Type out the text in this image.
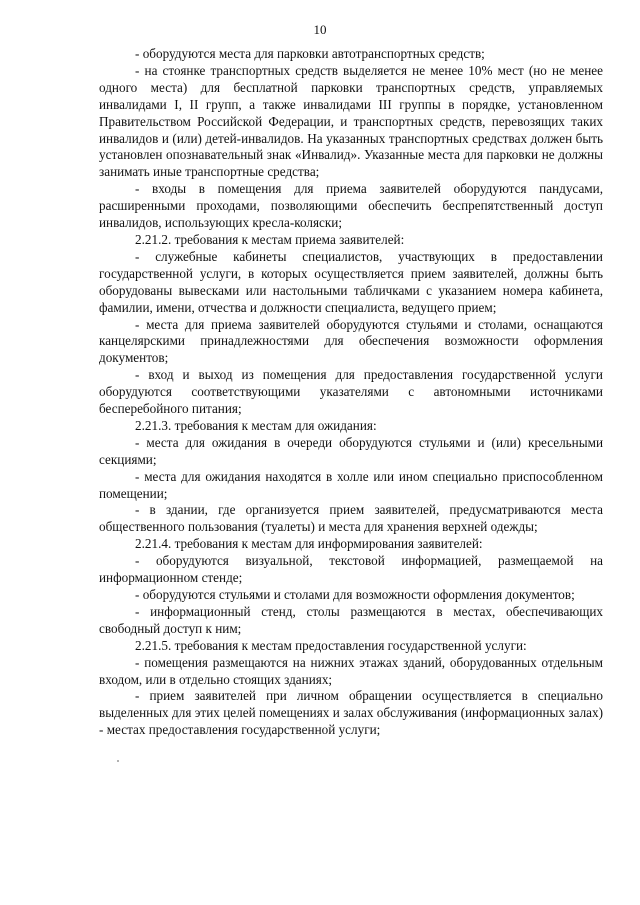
10

- оборудуются места для парковки автотранспортных средств;

- на стоянке транспортных средств выделяется не менее 10% мест (но не менее одного места) для бесплатной парковки транспортных средств, управляемых инвалидами I, II групп, а также инвалидами III группы в порядке, установленном Правительством Российской Федерации, и транспортных средств, перевозящих таких инвалидов и (или) детей-инвалидов. На указанных транспортных средствах должен быть установлен опознавательный знак «Инвалид». Указанные места для парковки не должны занимать иные транспортные средства;

- входы в помещения для приема заявителей оборудуются пандусами, расширенными проходами, позволяющими обеспечить беспрепятственный доступ инвалидов, использующих кресла-коляски;

2.21.2. требования к местам приема заявителей:

- служебные кабинеты специалистов, участвующих в предоставлении государственной услуги, в которых осуществляется прием заявителей, должны быть оборудованы вывесками или настольными табличками с указанием номера кабинета, фамилии, имени, отчества и должности специалиста, ведущего прием;

- места для приема заявителей оборудуются стульями и столами, оснащаются канцелярскими принадлежностями для обеспечения возможности оформления документов;

- вход и выход из помещения для предоставления государственной услуги оборудуются соответствующими указателями с автономными источниками бесперебойного питания;

2.21.3. требования к местам для ожидания:

- места для ожидания в очереди оборудуются стульями и (или) кресельными секциями;

- места для ожидания находятся в холле или ином специально приспособленном помещении;

- в здании, где организуется прием заявителей, предусматриваются места общественного пользования (туалеты) и места для хранения верхней одежды;

2.21.4. требования к местам для информирования заявителей:

- оборудуются визуальной, текстовой информацией, размещаемой на информационном стенде;

- оборудуются стульями и столами для возможности оформления документов;

- информационный стенд, столы размещаются в местах, обеспечивающих свободный доступ к ним;

2.21.5. требования к местам предоставления государственной услуги:

- помещения размещаются на нижних этажах зданий, оборудованных отдельным входом, или в отдельно стоящих зданиях;

- прием заявителей при личном обращении осуществляется в специально выделенных для этих целей помещениях и залах обслуживания (информационных залах) - местах предоставления государственной услуги;
